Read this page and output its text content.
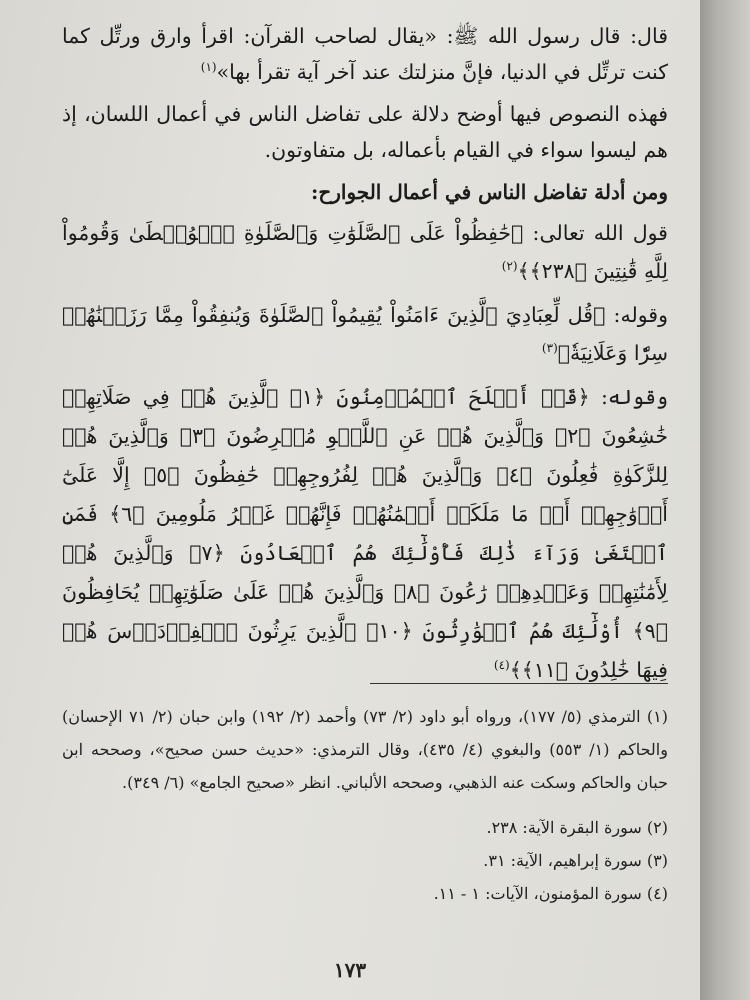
قال: قال رسول الله ﷺ: «يقال لصاحب القرآن: اقرأ وارق ورتِّل كما كنت ترتِّل في الدنيا، فإنَّ منزلتك عند آخر آية تقرأ بها»$^{(١)}$

فهذه النصوص فيها أوضح دلالة على تفاضل الناس في أعمال اللسان، إذ هم ليسوا سواء في القيام بأعماله، بل متفاوتون.

ومن أدلة تفاضل الناس في أعمال الجوارح:

قول الله تعالى: ﴿حَٰفِظُواْ عَلَى ٱلصَّلَوَٰتِ وَٱلصَّلَوٰةِ ٱلۡوُسۡطَىٰ وَقُومُواْ لِلَّهِ قَٰنِتِينَ ﴿٢٣٨﴾﴾$^{(٢)}$

وقوله: ﴿قُل لِّعِبَادِيَ ٱلَّذِينَ ءَامَنُواْ يُقِيمُواْ ٱلصَّلَوٰةَ وَيُنفِقُواْ مِمَّا رَزَقۡنَٰهُمۡ سِرّٗا وَعَلَانِيَةٗ﴾$^{(٣)}$

وقوله: ﴿قَدۡ أَفۡلَحَ ٱلۡمُؤۡمِنُونَ ﴿١﴾ ٱلَّذِينَ هُمۡ فِي صَلَاتِهِمۡ خَٰشِعُونَ ﴿٢﴾ وَٱلَّذِينَ هُمۡ عَنِ ٱللَّغۡوِ مُعۡرِضُونَ ﴿٣﴾ وَٱلَّذِينَ هُمۡ لِلزَّكَوٰةِ فَٰعِلُونَ ﴿٤﴾ وَٱلَّذِينَ هُمۡ لِفُرُوجِهِمۡ حَٰفِظُونَ ﴿٥﴾ إِلَّا عَلَىٰٓ أَزۡوَٰجِهِمۡ أَوۡ مَا مَلَكَتۡ أَيۡمَٰنُهُمۡ فَإِنَّهُمۡ غَيۡرُ مَلُومِينَ ﴿٦﴾ فَمَنِ ٱبۡتَغَىٰ وَرَآءَ ذَٰلِكَ فَأُوْلَٰٓئِكَ هُمُ ٱلۡعَادُونَ ﴿٧﴾ وَٱلَّذِينَ هُمۡ لِأَمَٰنَٰتِهِمۡ وَعَهۡدِهِمۡ رَٰعُونَ ﴿٨﴾ وَٱلَّذِينَ هُمۡ عَلَىٰ صَلَوَٰتِهِمۡ يُحَافِظُونَ ﴿٩﴾ أُوْلَٰٓئِكَ هُمُ ٱلۡوَٰرِثُونَ ﴿١٠﴾ ٱلَّذِينَ يَرِثُونَ ٱلۡفِرۡدَوۡسَ هُمۡ فِيهَا خَٰلِدُونَ ﴿١١﴾﴾$^{(٤)}$

(١) الترمذي (٥/ ١٧٧)، ورواه أبو داود (٢/ ٧٣) وأحمد (٢/ ١٩٢) وابن حبان (٢/ ٧١ الإحسان) والحاكم (١/ ٥٥٣) والبغوي (٤/ ٤٣٥)، وقال الترمذي: «حديث حسن صحيح»، وصححه ابن حبان والحاكم وسكت عنه الذهبي، وصححه الألباني. انظر «صحيح الجامع» (٦/ ٣٤٩).

(٢) سورة البقرة الآية: ٢٣٨.

(٣) سورة إبراهيم، الآية: ٣١.

(٤) سورة المؤمنون، الآيات: ١ - ١١.

١٧٣
